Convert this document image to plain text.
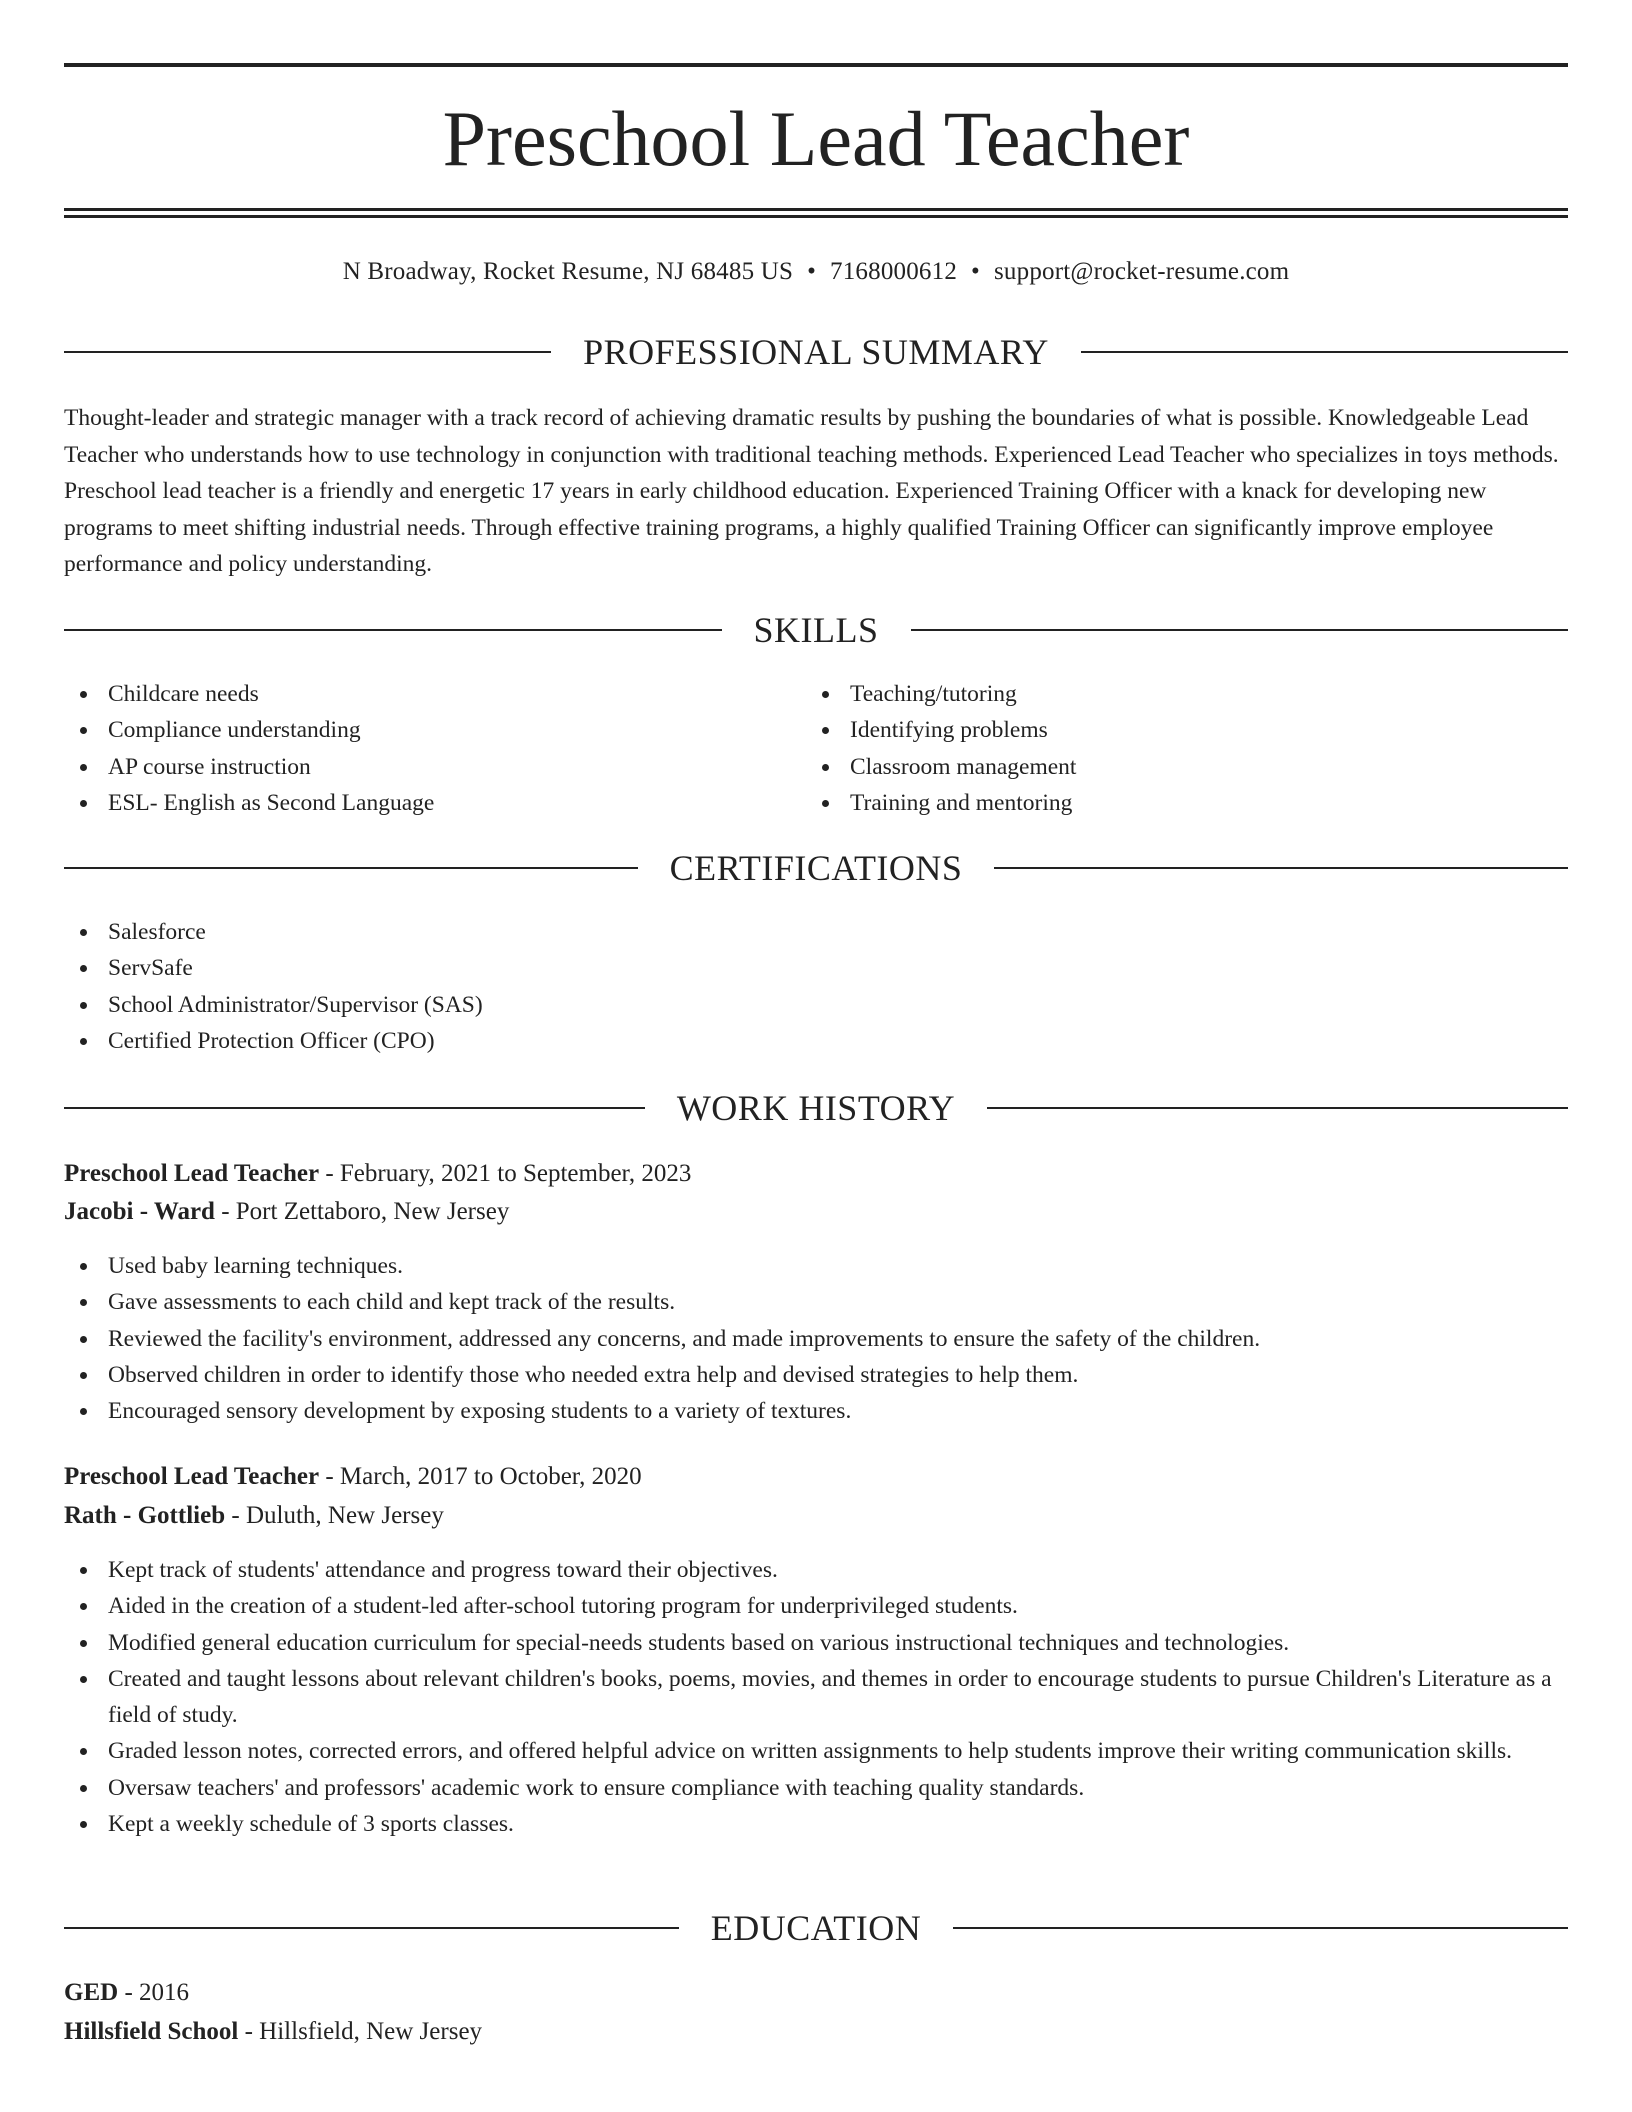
Preschool Lead Teacher
N Broadway, Rocket Resume, NJ 68485 US • 7168000612 • support@rocket-resume.com
PROFESSIONAL SUMMARY

Thought-leader and strategic manager with a track record of achieving dramatic results by pushing the boundaries of what is possible. Knowledgeable Lead Teacher who understands how to use technology in conjunction with traditional teaching methods. Experienced Lead Teacher who specializes in toys methods. Preschool lead teacher is a friendly and energetic 17 years in early childhood education. Experienced Training Officer with a knack for developing new programs to meet shifting industrial needs. Through effective training programs, a highly qualified Training Officer can significantly improve employee performance and policy understanding.

SKILLS
Childcare needs
Compliance understanding
AP course instruction
ESL- English as Second Language
Teaching/tutoring
Identifying problems
Classroom management
Training and mentoring
CERTIFICATIONS
Salesforce
ServSafe
School Administrator/Supervisor (SAS)
Certified Protection Officer (CPO)
WORK HISTORY
Preschool Lead Teacher - February, 2021 to September, 2023
Jacobi - Ward - Port Zettaboro, New Jersey
Used baby learning techniques.
Gave assessments to each child and kept track of the results.
Reviewed the facility's environment, addressed any concerns, and made improvements to ensure the safety of the children.
Observed children in order to identify those who needed extra help and devised strategies to help them.
Encouraged sensory development by exposing students to a variety of textures.
Preschool Lead Teacher - March, 2017 to October, 2020
Rath - Gottlieb - Duluth, New Jersey
Kept track of students' attendance and progress toward their objectives.
Aided in the creation of a student-led after-school tutoring program for underprivileged students.
Modified general education curriculum for special-needs students based on various instructional techniques and technologies.
Created and taught lessons about relevant children's books, poems, movies, and themes in order to encourage students to pursue Children's Literature as a field of study.
Graded lesson notes, corrected errors, and offered helpful advice on written assignments to help students improve their writing communication skills.
Oversaw teachers' and professors' academic work to ensure compliance with teaching quality standards.
Kept a weekly schedule of 3 sports classes.
EDUCATION
GED - 2016
Hillsfield School - Hillsfield, New Jersey
